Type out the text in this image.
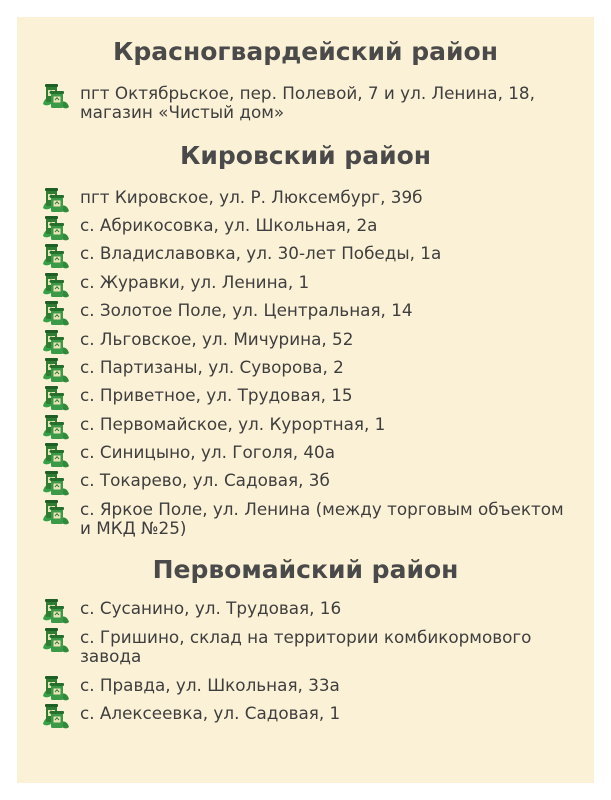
Красногвардейский район
пгт Октябрьское, пер. Полевой, 7 и ул. Ленина, 18, магазин «Чистый дом»
Кировский район
пгт Кировское, ул. Р. Люксембург, 39б
с. Абрикосовка, ул. Школьная, 2а
с. Владиславовка, ул. 30-лет Победы, 1а
с. Журавки, ул. Ленина, 1
с. Золотое Поле, ул. Центральная, 14
с. Льговское, ул. Мичурина, 52
с. Партизаны, ул. Суворова, 2
с. Приветное, ул. Трудовая, 15
с. Первомайское, ул. Курортная, 1
с. Синицыно, ул. Гоголя, 40а
с. Токарево, ул. Садовая, 3б
с. Яркое Поле, ул. Ленина (между торговым объектом и МКД №25)
Первомайский район
с. Сусанино, ул. Трудовая, 16
с. Гришино, склад на территории комбикормового завода
с. Правда, ул. Школьная, 33а
с. Алексеевка, ул. Садовая, 1
